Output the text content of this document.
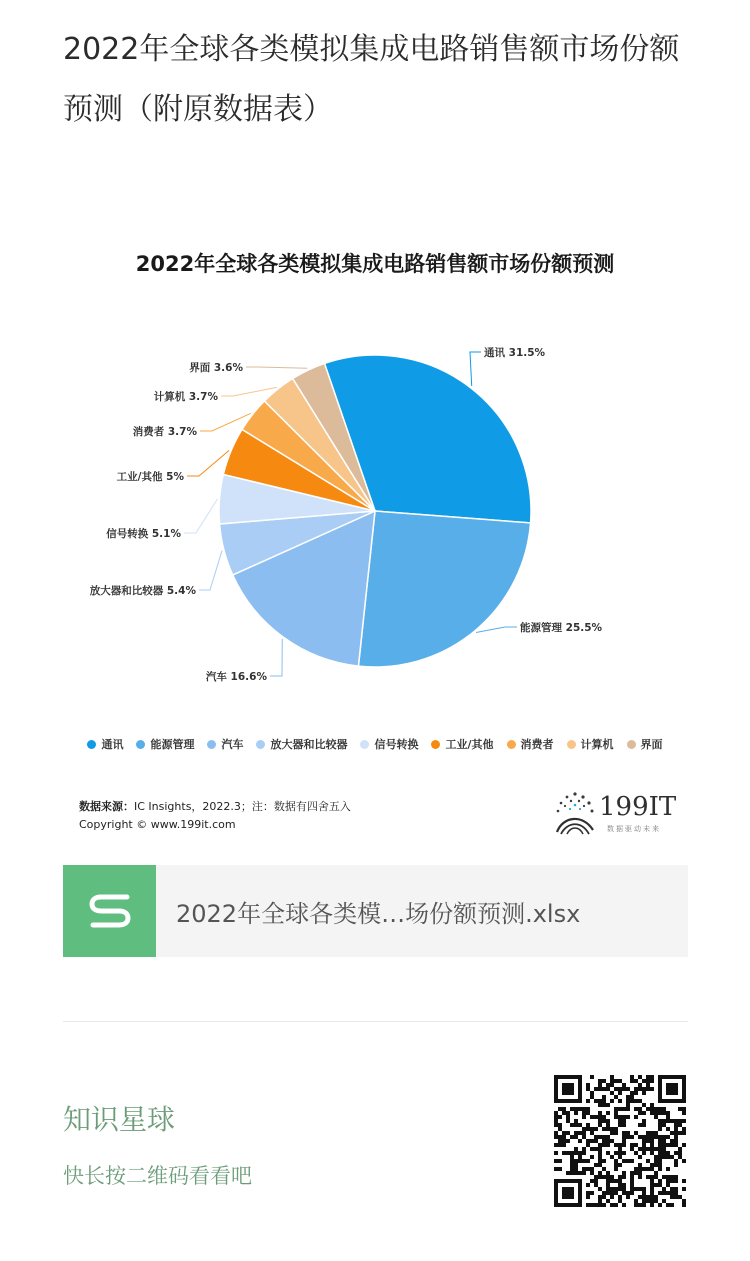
2022年全球各类模拟集成电路销售额市场份额预测（附原数据表）
2022年全球各类模拟集成电路销售额市场份额预测
通讯 31.5%
能源管理 25.5%
汽车 16.6%
放大器和比较器 5.4%
信号转换 5.1%
工业/其他 5%
消费者 3.7%
计算机 3.7%
界面 3.6%
通讯 能源管理 汽车 放大器和比较器 信号转换 工业/其他 消费者 计算机 界面
数据来源：IC Insights，2022.3；注：数据有四舍五入
Copyright © www.199it.com
199IT
数据驱动未来
2022年全球各类模…场份额预测.xlsx
知识星球
快长按二维码看看吧
